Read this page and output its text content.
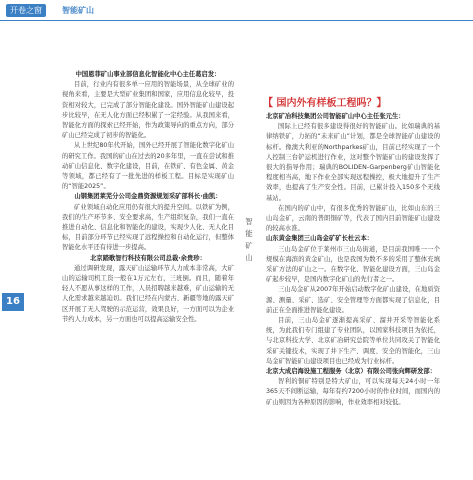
开卷之窗	智能矿山
16

中国恩菲矿山事业部信息化智能化中心主任葛启发：

目前，行业内有很多单一应用的智能场景，从全球矿业的视角来看，主要是大型矿业集团和国家，应用信息化较早，投资相对较大，已完成了部分智能化建设。国外智能矿山建设起步比较早，在无人化方面已经积累了一定经验。从我国来看，智能化方面的探索已经开始，作为政策导向的重点方向，部分矿山已经完成了初步的智能化。

从上世纪80年代开始，国外已经开展了智能化数字化矿山的研究工作。我国的矿山在过去的20多年里，一直在尝试和推动矿山信息化、数字化建设，目前，在铁矿、有色金属、黄金等领域，都已经有了一批先进的样板工程。目标是实现矿山的“智能2025”。

山钢集团莱芜分公司金鼎资源规划采矿部科长·曲凯：

矿业领域自动化应用仍有很大的提升空间。以铁矿为例，我们的生产环节多、安全要求高，生产组织复杂，我们一直在推进自动化、信息化和智能化的建设，实现少人化、无人化目标，目前部分环节已经实现了远程操控和自动化运行，但整体智能化水平还有待进一步提高。

北京踏歌智行科技有限公司总裁·余贵珍：

通过调研发现，露天矿山运输环节人力成本非常高，大矿山的运输司机工资一般在1万元左右，三班倒。而且，随着年轻人不愿从事这样的工作，人员招聘越来越难，矿山运输的无人化需求越来越迫切。我们已经在内蒙古、新疆等地的露天矿区开展了无人驾驶的示范运营，效果良好，一方面可以为企业节约人力成本，另一方面也可以提高运输安全性。

智能矿山
【 国内外有样板工程吗？】

北京矿冶科技集团公司智能矿山中心主任张元生：

国际上已经有很多建设得很好的智能矿山。比如瑞典的基律纳铁矿，力拓的“未来矿山”计划，都是全球智能矿山建设的标杆。像澳大利亚的Northparkes矿山，目前已经实现了一个人控制三台铲运机进行作业，这对整个智能矿山的建设发挥了很大的指导作用；瑞典的BOLIDEN-Garpenberg矿山智能化程度相当高，地下作业全部实现远程操控，极大地提升了生产效率，也提高了生产安全性。目前，已累计投入150多个无线基站。

在国内的矿山中，有很多优秀的智能矿山，比如山东的三山岛金矿，云南的普朗铜矿等，代表了国内目前智能矿山建设的较高水准。

山东黄金集团三山岛金矿矿长杜云本：

三山岛金矿位于莱州市三山岛街道，是目前我国唯一一个规模在海滨的黄金矿山，也是我国为数不多的采用了整体充填采矿方法的矿山之一。在数字化、智能化建设方面，三山岛金矿起步较早，是国内数字化矿山的先行者之一。

三山岛金矿从2007年开始启动数字化矿山建设，在地质资源、测量、采矿、选矿、安全管理等方面都实现了信息化，目前正在全面推进智能化建设。

目前，三山岛金矿逐渐提高采矿、溜井开采等智能化系统，为此我们专门组建了专业团队，以国家科技项目为依托，与北京科技大学、北京矿冶研究总院等单位共同攻关了智能化采矿关键技术，实现了井下生产、调度、安全的智能化，三山岛金矿智能矿山建设项目也已经成为行业标杆。

北京大成启海设施工程服务（北京）有限公司张向辉研发部：

智利的铜矿特别是特大矿山，可以实现每天24小时一年365天不间断运输，每年有约7200小时的作业时间，而国内的矿山则因为各种原因的影响，作业效率相对较低。
